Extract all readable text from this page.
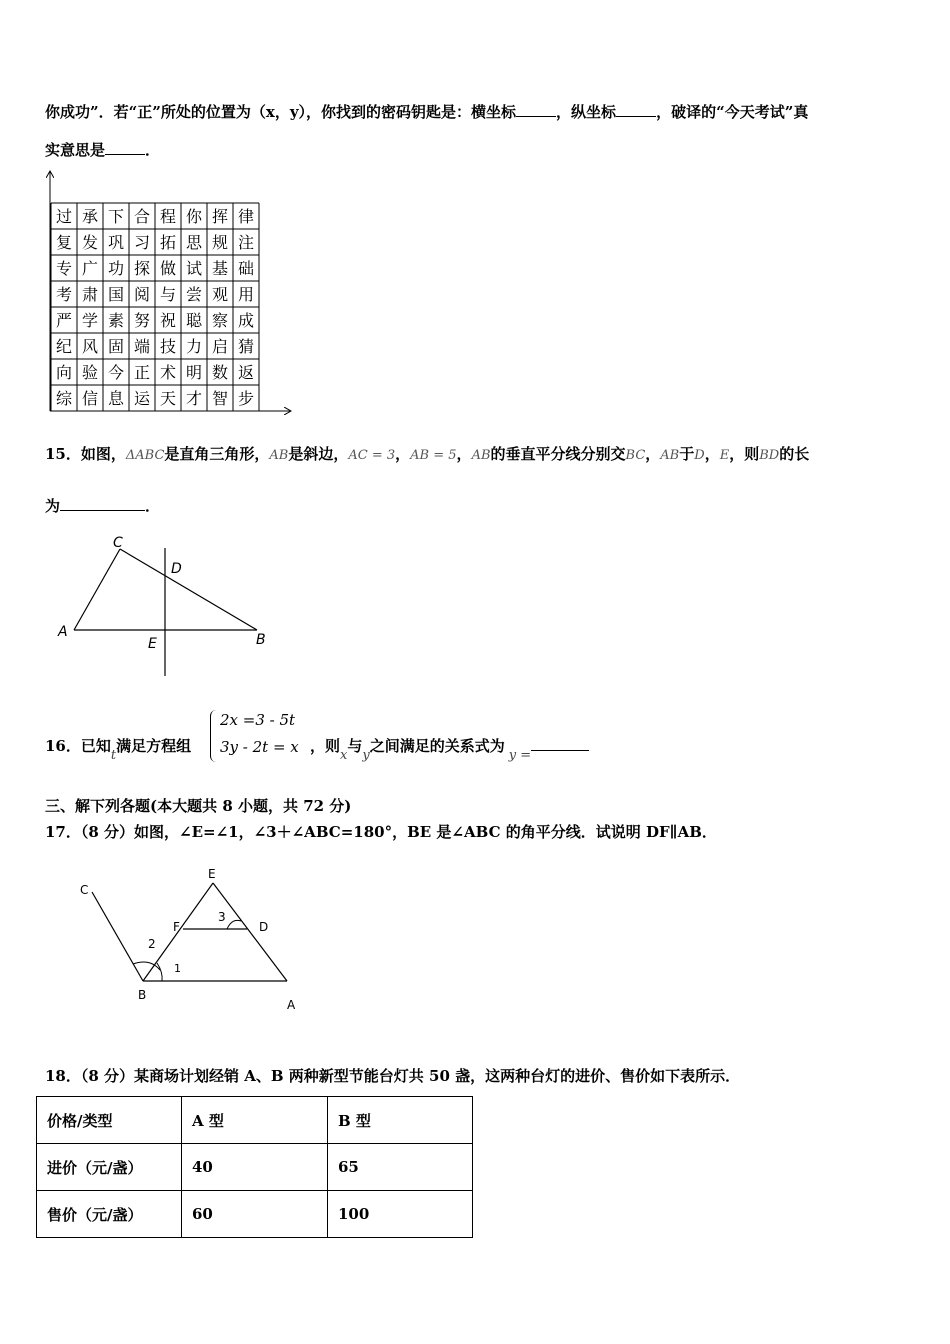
你成功”．若“正”所处的位置为（x，y），你找到的密码钥匙是：横坐标	，纵坐标	，破译的“今天考试”真
实意思是	．
过 承 下 合 程 你 挥 律
复 发 巩 习 拓 思 规 注
专 广 功 探 做 试 基 础
考 肃 国 阅 与 尝 观 用
严 学 素 努 祝 聪 察 成
纪 风 固 端 技 力 启 猜
向 验 今 正 术 明 数 返
综 信 息 运 天 才 智 步
15．如图，ΔABC是直角三角形，AB是斜边，AC = 3，AB = 5，AB的垂直平分线分别交BC，AB于D，E，则BD的长
为	．
C
D
A
E	B
16．已知t满足方程组
2x =3 - 5t
3y - 2t = x ，则x与y之间满足的关系式为y =
三、解下列各题(本大题共 8 小题，共 72 分)
17．（8 分）如图，∠E=∠1，∠3＋∠ABC=180°，BE 是∠ABC 的角平分线．试说明 DF∥AB．
C
E
F	D
3
2
1
B
A
18．（8 分）某商场计划经销 A、B 两种新型节能台灯共 50 盏，这两种台灯的进价、售价如下表所示．
价格/类型	A 型	B 型
进价（元/盏）	40	65
售价（元/盏）	60	100
